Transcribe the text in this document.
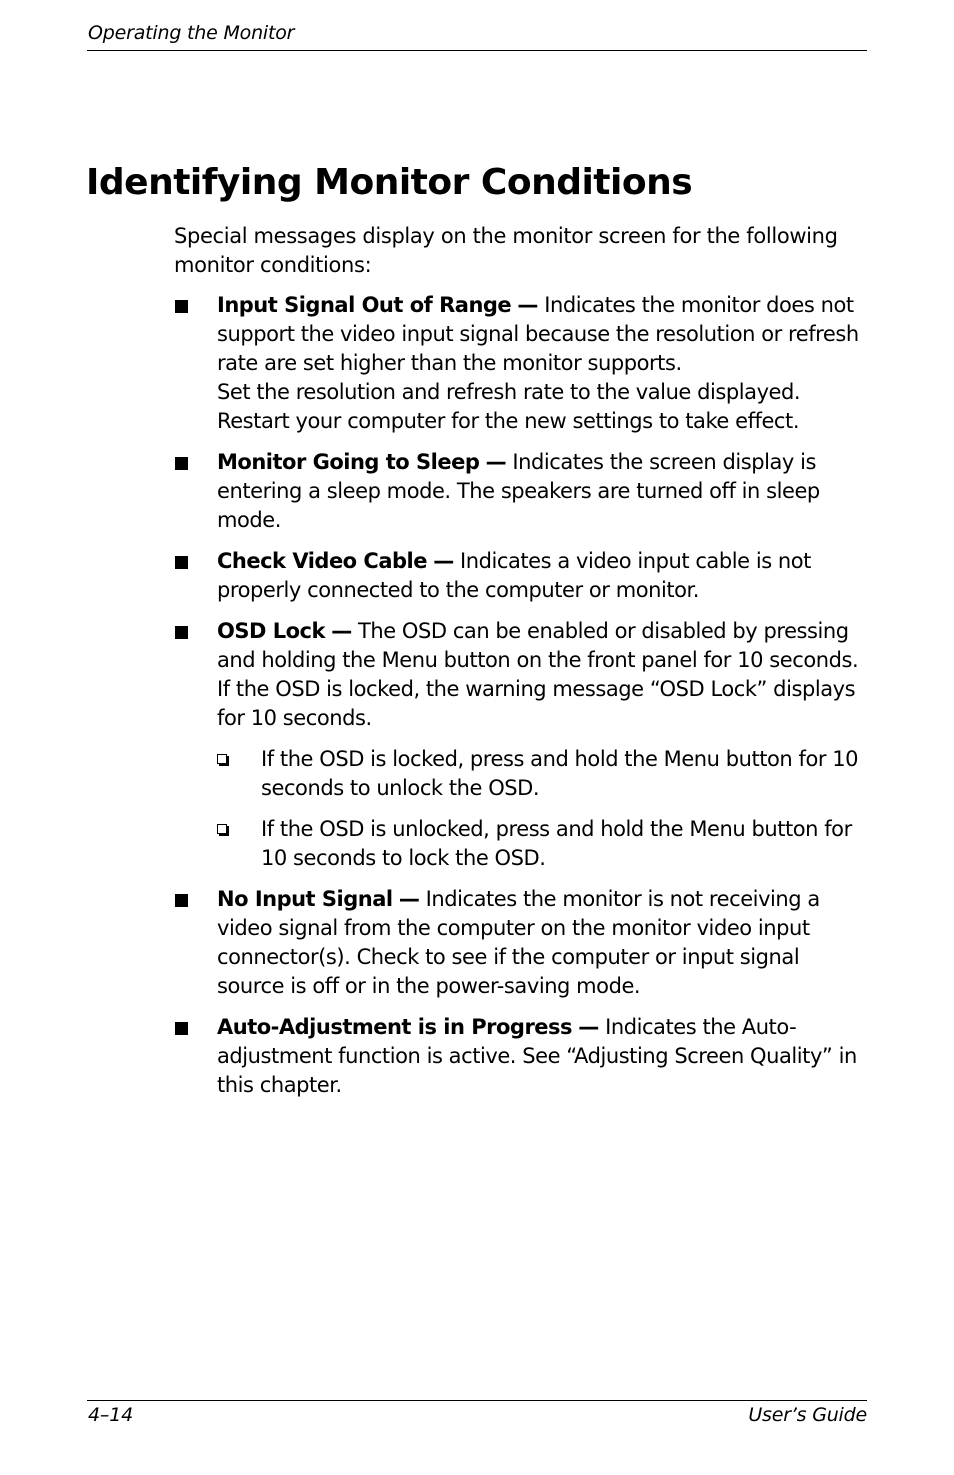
Operating the Monitor
Identifying Monitor Conditions

Special messages display on the monitor screen for the following monitor conditions:

Input Signal Out of Range — Indicates the monitor does not support the video input signal because the resolution or refresh rate are set higher than the monitor supports.
Set the resolution and refresh rate to the value displayed. Restart your computer for the new settings to take effect.
Monitor Going to Sleep — Indicates the screen display is entering a sleep mode. The speakers are turned off in sleep mode.
Check Video Cable — Indicates a video input cable is not properly connected to the computer or monitor.
OSD Lock — The OSD can be enabled or disabled by pressing and holding the Menu button on the front panel for 10 seconds. If the OSD is locked, the warning message “OSD Lock” displays for 10 seconds.
If the OSD is locked, press and hold the Menu button for 10 seconds to unlock the OSD.
If the OSD is unlocked, press and hold the Menu button for 10 seconds to lock the OSD.
No Input Signal — Indicates the monitor is not receiving a video signal from the computer on the monitor video input connector(s). Check to see if the computer or input signal source is off or in the power-saving mode.
Auto-Adjustment is in Progress — Indicates the Auto-adjustment function is active. See “Adjusting Screen Quality” in this chapter.
4–14	User’s Guide
